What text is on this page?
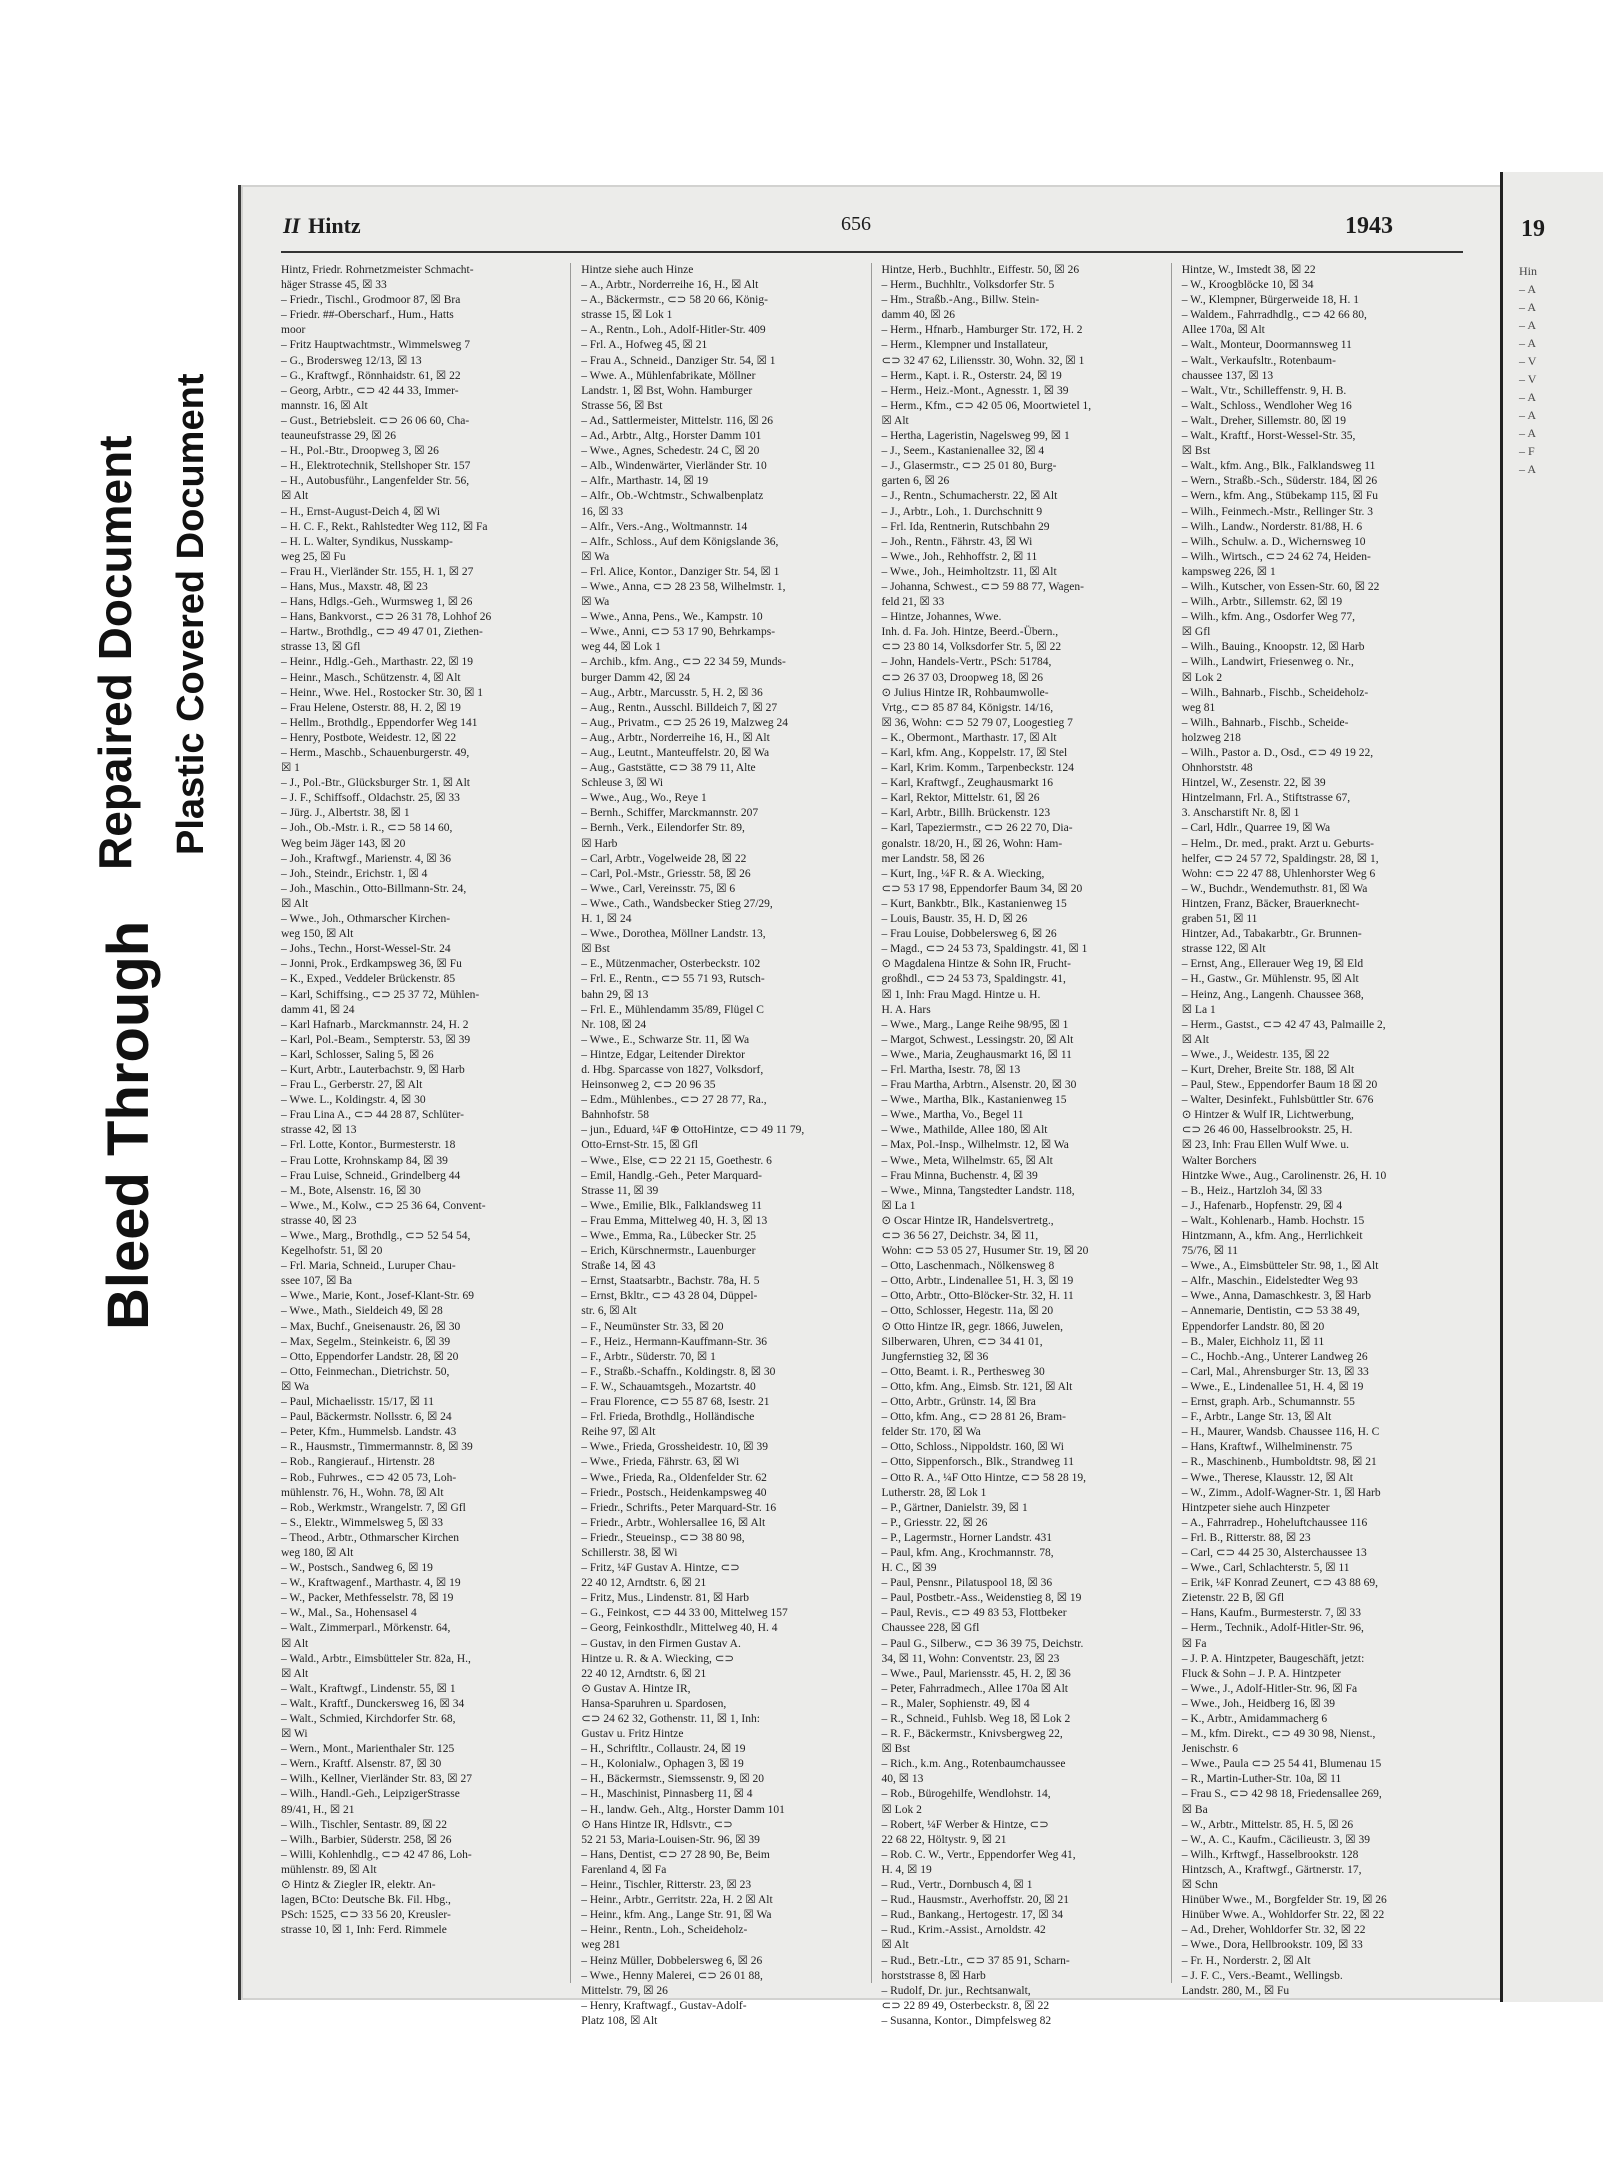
Bleed Through
Repaired Document Plastic Covered Document
II Hintz	656	1943

Hintz, Friedr. Rohrnetzmeister Schmacht-

häger Strasse 45, ☒ 33

– Friedr., Tischl., Grodmoor 87, ☒ Bra

– Friedr. ##-Oberscharf., Hum., Hatts

moor

– Fritz Hauptwachtmstr., Wimmelsweg 7

– G., Brodersweg 12/13, ☒ 13

– G., Kraftwgf., Rönnhaidstr. 61, ☒ 22

– Georg, Arbtr., ⊂⊃ 42 44 33, Immer-

mannstr. 16, ☒ Alt

– Gust., Betriebsleit. ⊂⊃ 26 06 60, Cha-

teauneufstrasse 29, ☒ 26

– H., Pol.-Btr., Droopweg 3, ☒ 26

– H., Elektrotechnik, Stellshoper Str. 157

– H., Autobusführ., Langenfelder Str. 56,

☒ Alt

– H., Ernst-August-Deich 4, ☒ Wi

– H. C. F., Rekt., Rahlstedter Weg 112, ☒ Fa

– H. L. Walter, Syndikus, Nusskamp-

weg 25, ☒ Fu

– Frau H., Vierländer Str. 155, H. 1, ☒ 27

– Hans, Mus., Maxstr. 48, ☒ 23

– Hans, Hdlgs.-Geh., Wurmsweg 1, ☒ 26

– Hans, Bankvorst., ⊂⊃ 26 31 78, Lohhof 26

– Hartw., Brothdlg., ⊂⊃ 49 47 01, Ziethen-

strasse 13, ☒ Gfl

– Heinr., Hdlg.-Geh., Marthastr. 22, ☒ 19

– Heinr., Masch., Schützenstr. 4, ☒ Alt

– Heinr., Wwe. Hel., Rostocker Str. 30, ☒ 1

– Frau Helene, Osterstr. 88, H. 2, ☒ 19

– Hellm., Brothdlg., Eppendorfer Weg 141

– Henry, Postbote, Weidestr. 12, ☒ 22

– Herm., Maschb., Schauenburgerstr. 49,

☒ 1

– J., Pol.-Btr., Glücksburger Str. 1, ☒ Alt

– J. F., Schiffsoff., Oldachstr. 25, ☒ 33

– Jürg. J., Albertstr. 38, ☒ 1

– Joh., Ob.-Mstr. i. R., ⊂⊃ 58 14 60,

Weg beim Jäger 143, ☒ 20

– Joh., Kraftwgf., Marienstr. 4, ☒ 36

– Joh., Steindr., Erichstr. 1, ☒ 4

– Joh., Maschin., Otto-Billmann-Str. 24,

☒ Alt

– Wwe., Joh., Othmarscher Kirchen-

weg 150, ☒ Alt

– Johs., Techn., Horst-Wessel-Str. 24

– Jonni, Prok., Erdkampsweg 36, ☒ Fu

– K., Exped., Veddeler Brückenstr. 85

– Karl, Schiffsing., ⊂⊃ 25 37 72, Mühlen-

damm 41, ☒ 24

– Karl Hafnarb., Marckmannstr. 24, H. 2

– Karl, Pol.-Beam., Sempterstr. 53, ☒ 39

– Karl, Schlosser, Saling 5, ☒ 26

– Kurt, Arbtr., Lauterbachstr. 9, ☒ Harb

– Frau L., Gerberstr. 27, ☒ Alt

– Wwe. L., Koldingstr. 4, ☒ 30

– Frau Lina A., ⊂⊃ 44 28 87, Schlüter-

strasse 42, ☒ 13

– Frl. Lotte, Kontor., Burmesterstr. 18

– Frau Lotte, Krohnskamp 84, ☒ 39

– Frau Luise, Schneid., Grindelberg 44

– M., Bote, Alsenstr. 16, ☒ 30

– Wwe., M., Kolw., ⊂⊃ 25 36 64, Convent-

strasse 40, ☒ 23

– Wwe., Marg., Brothdlg., ⊂⊃ 52 54 54,

Kegelhofstr. 51, ☒ 20

– Frl. Maria, Schneid., Luruper Chau-

ssee 107, ☒ Ba

– Wwe., Marie, Kont., Josef-Klant-Str. 69

– Wwe., Math., Sieldeich 49, ☒ 28

– Max, Buchf., Gneisenaustr. 26, ☒ 30

– Max, Segelm., Steinkeistr. 6, ☒ 39

– Otto, Eppendorfer Landstr. 28, ☒ 20

– Otto, Feinmechan., Dietrichstr. 50,

☒ Wa

– Paul, Michaelisstr. 15/17, ☒ 11

– Paul, Bäckermstr. Nollsstr. 6, ☒ 24

– Peter, Kfm., Hummelsb. Landstr. 43

– R., Hausmstr., Timmermannstr. 8, ☒ 39

– Rob., Rangierauf., Hirtenstr. 28

– Rob., Fuhrwes., ⊂⊃ 42 05 73, Loh-

mühlenstr. 76, H., Wohn. 78, ☒ Alt

– Rob., Werkmstr., Wrangelstr. 7, ☒ Gfl

– S., Elektr., Wimmelsweg 5, ☒ 33

– Theod., Arbtr., Othmarscher Kirchen

weg 180, ☒ Alt

– W., Postsch., Sandweg 6, ☒ 19

– W., Kraftwagenf., Marthastr. 4, ☒ 19

– W., Packer, Methfesselstr. 78, ☒ 19

– W., Mal., Sa., Hohensasel 4

– Walt., Zimmerparl., Mörkenstr. 64,

☒ Alt

– Wald., Arbtr., Eimsbütteler Str. 82a, H.,

☒ Alt

– Walt., Kraftwgf., Lindenstr. 55, ☒ 1

– Walt., Kraftf., Dunckersweg 16, ☒ 34

– Walt., Schmied, Kirchdorfer Str. 68,

☒ Wi

– Wern., Mont., Marienthaler Str. 125

– Wern., Kraftf. Alsenstr. 87, ☒ 30

– Wilh., Kellner, Vierländer Str. 83, ☒ 27

– Wilh., Handl.-Geh., LeipzigerStrasse

89/41, H., ☒ 21

– Wilh., Tischler, Sentastr. 89, ☒ 22

– Wilh., Barbier, Süderstr. 258, ☒ 26

– Willi, Kohlenhdlg., ⊂⊃ 42 47 86, Loh-

mühlenstr. 89, ☒ Alt

⊙ Hintz & Ziegler IR, elektr. An-

lagen, BCto: Deutsche Bk. Fil. Hbg.,

PSch: 1525, ⊂⊃ 33 56 20, Kreusler-

strasse 10, ☒ 1, Inh: Ferd. Rimmele

Hintze siehe auch Hinze

– A., Arbtr., Norderreihe 16, H., ☒ Alt

– A., Bäckermstr., ⊂⊃ 58 20 66, König-

strasse 15, ☒ Lok 1

– A., Rentn., Loh., Adolf-Hitler-Str. 409

– Frl. A., Hofweg 45, ☒ 21

– Frau A., Schneid., Danziger Str. 54, ☒ 1

– Wwe. A., Mühlenfabrikate, Möllner

Landstr. 1, ☒ Bst, Wohn. Hamburger

Strasse 56, ☒ Bst

– Ad., Sattlermeister, Mittelstr. 116, ☒ 26

– Ad., Arbtr., Altg., Horster Damm 101

– Wwe., Agnes, Schedestr. 24 C, ☒ 20

– Alb., Windenwärter, Vierländer Str. 10

– Alfr., Marthastr. 14, ☒ 19

– Alfr., Ob.-Wchtmstr., Schwalbenplatz

16, ☒ 33

– Alfr., Vers.-Ang., Woltmannstr. 14

– Alfr., Schloss., Auf dem Königslande 36,

☒ Wa

– Frl. Alice, Kontor., Danziger Str. 54, ☒ 1

– Wwe., Anna, ⊂⊃ 28 23 58, Wilhelmstr. 1,

☒ Wa

– Wwe., Anna, Pens., We., Kampstr. 10

– Wwe., Anni, ⊂⊃ 53 17 90, Behrkamps-

weg 44, ☒ Lok 1

– Archib., kfm. Ang., ⊂⊃ 22 34 59, Munds-

burger Damm 42, ☒ 24

– Aug., Arbtr., Marcusstr. 5, H. 2, ☒ 36

– Aug., Rentn., Ausschl. Billdeich 7, ☒ 27

– Aug., Privatm., ⊂⊃ 25 26 19, Malzweg 24

– Aug., Arbtr., Norderreihe 16, H., ☒ Alt

– Aug., Leutnt., Manteuffelstr. 20, ☒ Wa

– Aug., Gaststätte, ⊂⊃ 38 79 11, Alte

Schleuse 3, ☒ Wi

– Wwe., Aug., Wo., Reye 1

– Bernh., Schiffer, Marckmannstr. 207

– Bernh., Verk., Eilendorfer Str. 89,

☒ Harb

– Carl, Arbtr., Vogelweide 28, ☒ 22

– Carl, Pol.-Mstr., Griesstr. 58, ☒ 26

– Wwe., Carl, Vereinsstr. 75, ☒ 6

– Wwe., Cath., Wandsbecker Stieg 27/29,

H. 1, ☒ 24

– Wwe., Dorothea, Möllner Landstr. 13,

☒ Bst

– E., Mützenmacher, Osterbeckstr. 102

– Frl. E., Rentn., ⊂⊃ 55 71 93, Rutsch-

bahn 29, ☒ 13

– Frl. E., Mühlendamm 35/89, Flügel C

Nr. 108, ☒ 24

– Wwe., E., Schwarze Str. 11, ☒ Wa

– Hintze, Edgar, Leitender Direktor

d. Hbg. Sparcasse von 1827, Volksdorf,

Heinsonweg 2, ⊂⊃ 20 96 35

– Edm., Mühlenbes., ⊂⊃ 27 28 77, Ra.,

Bahnhofstr. 58

– jun., Eduard, ¼F ⊕ OttoHintze, ⊂⊃ 49 11 79,

Otto-Ernst-Str. 15, ☒ Gfl

– Wwe., Else, ⊂⊃ 22 21 15, Goethestr. 6

– Emil, Handlg.-Geh., Peter Marquard-

Strasse 11, ☒ 39

– Wwe., Emilie, Blk., Falklandsweg 11

– Frau Emma, Mittelweg 40, H. 3, ☒ 13

– Wwe., Emma, Ra., Lübecker Str. 25

– Erich, Kürschnermstr., Lauenburger

Straße 14, ☒ 43

– Ernst, Staatsarbtr., Bachstr. 78a, H. 5

– Ernst, Bkltr., ⊂⊃ 43 28 04, Düppel-

str. 6, ☒ Alt

– F., Neumünster Str. 33, ☒ 20

– F., Heiz., Hermann-Kauffmann-Str. 36

– F., Arbtr., Süderstr. 70, ☒ 1

– F., Straßb.-Schaffn., Koldingstr. 8, ☒ 30

– F. W., Schauamtsgeh., Mozartstr. 40

– Frau Florence, ⊂⊃ 55 87 68, Isestr. 21

– Frl. Frieda, Brothdlg., Holländische

Reihe 97, ☒ Alt

– Wwe., Frieda, Grossheidestr. 10, ☒ 39

– Wwe., Frieda, Fährstr. 63, ☒ Wi

– Wwe., Frieda, Ra., Oldenfelder Str. 62

– Friedr., Postsch., Heidenkampsweg 40

– Friedr., Schrifts., Peter Marquard-Str. 16

– Friedr., Arbtr., Wohlersallee 16, ☒ Alt

– Friedr., Steueinsp., ⊂⊃ 38 80 98,

Schillerstr. 38, ☒ Wi

– Fritz, ¼F Gustav A. Hintze, ⊂⊃

22 40 12, Arndtstr. 6, ☒ 21

– Fritz, Mus., Lindenstr. 81, ☒ Harb

– G., Feinkost, ⊂⊃ 44 33 00, Mittelweg 157

– Georg, Feinkosthdlr., Mittelweg 40, H. 4

– Gustav, in den Firmen Gustav A.

Hintze u. R. & A. Wiecking, ⊂⊃

22 40 12, Arndtstr. 6, ☒ 21

⊙ Gustav A. Hintze IR,

Hansa-Sparuhren u. Spardosen,

⊂⊃ 24 62 32, Gothenstr. 11, ☒ 1, Inh:

Gustav u. Fritz Hintze

– H., Schriftltr., Collaustr. 24, ☒ 19

– H., Kolonialw., Ophagen 3, ☒ 19

– H., Bäckermstr., Siemssenstr. 9, ☒ 20

– H., Maschinist, Pinnasberg 11, ☒ 4

– H., landw. Geh., Altg., Horster Damm 101

⊙ Hans Hintze IR, Hdlsvtr., ⊂⊃

52 21 53, Maria-Louisen-Str. 96, ☒ 39

– Hans, Dentist, ⊂⊃ 27 28 90, Be, Beim

Farenland 4, ☒ Fa

– Heinr., Tischler, Ritterstr. 23, ☒ 23

– Heinr., Arbtr., Gerritstr. 22a, H. 2 ☒ Alt

– Heinr., kfm. Ang., Lange Str. 91, ☒ Wa

– Heinr., Rentn., Loh., Scheideholz-

weg 281

– Heinz Müller, Dobbelersweg 6, ☒ 26

– Wwe., Henny Malerei, ⊂⊃ 26 01 88,

Mittelstr. 79, ☒ 26

– Henry, Kraftwagf., Gustav-Adolf-

Platz 108, ☒ Alt

Hintze, Herb., Buchhltr., Eiffestr. 50, ☒ 26

– Herm., Buchhltr., Volksdorfer Str. 5

– Hm., Straßb.-Ang., Billw. Stein-

damm 40, ☒ 26

– Herm., Hfnarb., Hamburger Str. 172, H. 2

– Herm., Klempner und Installateur,

⊂⊃ 32 47 62, Liliensstr. 30, Wohn. 32, ☒ 1

– Herm., Kapt. i. R., Osterstr. 24, ☒ 19

– Herm., Heiz.-Mont., Agnesstr. 1, ☒ 39

– Herm., Kfm., ⊂⊃ 42 05 06, Moortwietel 1,

☒ Alt

– Hertha, Lageristin, Nagelsweg 99, ☒ 1

– J., Seem., Kastanienallee 32, ☒ 4

– J., Glasermstr., ⊂⊃ 25 01 80, Burg-

garten 6, ☒ 26

– J., Rentn., Schumacherstr. 22, ☒ Alt

– J., Arbtr., Loh., 1. Durchschnitt 9

– Frl. Ida, Rentnerin, Rutschbahn 29

– Joh., Rentn., Fährstr. 43, ☒ Wi

– Wwe., Joh., Rehhoffstr. 2, ☒ 11

– Wwe., Joh., Heimholtzstr. 11, ☒ Alt

– Johanna, Schwest., ⊂⊃ 59 88 77, Wagen-

feld 21, ☒ 33

– Hintze, Johannes, Wwe.

Inh. d. Fa. Joh. Hintze, Beerd.-Übern.,

⊂⊃ 23 80 14, Volksdorfer Str. 5, ☒ 22

– John, Handels-Vertr., PSch: 51784,

⊂⊃ 26 37 03, Droopweg 18, ☒ 26

⊙ Julius Hintze IR, Rohbaumwolle-

Vrtg., ⊂⊃ 85 87 84, Königstr. 14/16,

☒ 36, Wohn: ⊂⊃ 52 79 07, Loogestieg 7

– K., Obermont., Marthastr. 17, ☒ Alt

– Karl, kfm. Ang., Koppelstr. 17, ☒ Stel

– Karl, Krim. Komm., Tarpenbeckstr. 124

– Karl, Kraftwgf., Zeughausmarkt 16

– Karl, Rektor, Mittelstr. 61, ☒ 26

– Karl, Arbtr., Billh. Brückenstr. 123

– Karl, Tapeziermstr., ⊂⊃ 26 22 70, Dia-

gonalstr. 18/20, H., ☒ 26, Wohn: Ham-

mer Landstr. 58, ☒ 26

– Kurt, Ing., ¼F R. & A. Wiecking,

⊂⊃ 53 17 98, Eppendorfer Baum 34, ☒ 20

– Kurt, Bankbtr., Blk., Kastanienweg 15

– Louis, Baustr. 35, H. D, ☒ 26

– Frau Louise, Dobbelersweg 6, ☒ 26

– Magd., ⊂⊃ 24 53 73, Spaldingstr. 41, ☒ 1

⊙ Magdalena Hintze & Sohn IR, Frucht-

großhdl., ⊂⊃ 24 53 73, Spaldingstr. 41,

☒ 1, Inh: Frau Magd. Hintze u. H.

H. A. Hars

– Wwe., Marg., Lange Reihe 98/95, ☒ 1

– Margot, Schwest., Lessingstr. 20, ☒ Alt

– Wwe., Maria, Zeughausmarkt 16, ☒ 11

– Frl. Martha, Isestr. 78, ☒ 13

– Frau Martha, Arbtrn., Alsenstr. 20, ☒ 30

– Wwe., Martha, Blk., Kastanienweg 15

– Wwe., Martha, Vo., Begel 11

– Wwe., Mathilde, Allee 180, ☒ Alt

– Max, Pol.-Insp., Wilhelmstr. 12, ☒ Wa

– Wwe., Meta, Wilhelmstr. 65, ☒ Alt

– Frau Minna, Buchenstr. 4, ☒ 39

– Wwe., Minna, Tangstedter Landstr. 118,

☒ La 1

⊙ Oscar Hintze IR, Handelsvertretg.,

⊂⊃ 36 56 27, Deichstr. 34, ☒ 11,

Wohn: ⊂⊃ 53 05 27, Husumer Str. 19, ☒ 20

– Otto, Laschenmach., Nölkensweg 8

– Otto, Arbtr., Lindenallee 51, H. 3, ☒ 19

– Otto, Arbtr., Otto-Blöcker-Str. 32, H. 11

– Otto, Schlosser, Hegestr. 11a, ☒ 20

⊙ Otto Hintze IR, gegr. 1866, Juwelen,

Silberwaren, Uhren, ⊂⊃ 34 41 01,

Jungfernstieg 32, ☒ 36

– Otto, Beamt. i. R., Perthesweg 30

– Otto, kfm. Ang., Eimsb. Str. 121, ☒ Alt

– Otto, Arbtr., Grünstr. 14, ☒ Bra

– Otto, kfm. Ang., ⊂⊃ 28 81 26, Bram-

felder Str. 170, ☒ Wa

– Otto, Schloss., Nippoldstr. 160, ☒ Wi

– Otto, Sippenforsch., Blk., Strandweg 11

– Otto R. A., ¼F Otto Hintze, ⊂⊃ 58 28 19,

Lutherstr. 28, ☒ Lok 1

– P., Gärtner, Danielstr. 39, ☒ 1

– P., Griesstr. 22, ☒ 26

– P., Lagermstr., Horner Landstr. 431

– Paul, kfm. Ang., Krochmannstr. 78,

H. C., ☒ 39

– Paul, Pensnr., Pilatuspool 18, ☒ 36

– Paul, Postbetr.-Ass., Weidenstieg 8, ☒ 19

– Paul, Revis., ⊂⊃ 49 83 53, Flottbeker

Chaussee 228, ☒ Gfl

– Paul G., Silberw., ⊂⊃ 36 39 75, Deichstr.

34, ☒ 11, Wohn: Conventstr. 23, ☒ 23

– Wwe., Paul, Mariensstr. 45, H. 2, ☒ 36

– Peter, Fahrradmech., Allee 170a ☒ Alt

– R., Maler, Sophienstr. 49, ☒ 4

– R., Schneid., Fuhlsb. Weg 18, ☒ Lok 2

– R. F., Bäckermstr., Knivsbergweg 22,

☒ Bst

– Rich., k.m. Ang., Rotenbaumchaussee

40, ☒ 13

– Rob., Bürogehilfe, Wendlohstr. 14,

☒ Lok 2

– Robert, ¼F Werber & Hintze, ⊂⊃

22 68 22, Höltystr. 9, ☒ 21

– Rob. C. W., Vertr., Eppendorfer Weg 41,

H. 4, ☒ 19

– Rud., Vertr., Dornbusch 4, ☒ 1

– Rud., Hausmstr., Averhoffstr. 20, ☒ 21

– Rud., Bankang., Hertogestr. 17, ☒ 34

– Rud., Krim.-Assist., Arnoldstr. 42

☒ Alt

– Rud., Betr.-Ltr., ⊂⊃ 37 85 91, Scharn-

horststrasse 8, ☒ Harb

– Rudolf, Dr. jur., Rechtsanwalt,

⊂⊃ 22 89 49, Osterbeckstr. 8, ☒ 22

– Susanna, Kontor., Dimpfelsweg 82

Hintze, W., Imstedt 38, ☒ 22

– W., Kroogblöcke 10, ☒ 34

– W., Klempner, Bürgerweide 18, H. 1

– Waldem., Fahrradhdlg., ⊂⊃ 42 66 80,

Allee 170a, ☒ Alt

– Walt., Monteur, Doormannsweg 11

– Walt., Verkaufsltr., Rotenbaum-

chaussee 137, ☒ 13

– Walt., Vtr., Schilleffenstr. 9, H. B.

– Walt., Schloss., Wendloher Weg 16

– Walt., Dreher, Sillemstr. 80, ☒ 19

– Walt., Kraftf., Horst-Wessel-Str. 35,

☒ Bst

– Walt., kfm. Ang., Blk., Falklandsweg 11

– Wern., Straßb.-Sch., Süderstr. 184, ☒ 26

– Wern., kfm. Ang., Stübekamp 115, ☒ Fu

– Wilh., Feinmech.-Mstr., Rellinger Str. 3

– Wilh., Landw., Norderstr. 81/88, H. 6

– Wilh., Schulw. a. D., Wichernsweg 10

– Wilh., Wirtsch., ⊂⊃ 24 62 74, Heiden-

kampsweg 226, ☒ 1

– Wilh., Kutscher, von Essen-Str. 60, ☒ 22

– Wilh., Arbtr., Sillemstr. 62, ☒ 19

– Wilh., kfm. Ang., Osdorfer Weg 77,

☒ Gfl

– Wilh., Bauing., Knoopstr. 12, ☒ Harb

– Wilh., Landwirt, Friesenweg o. Nr.,

☒ Lok 2

– Wilh., Bahnarb., Fischb., Scheideholz-

weg 81

– Wilh., Bahnarb., Fischb., Scheide-

holzweg 218

– Wilh., Pastor a. D., Osd., ⊂⊃ 49 19 22,

Ohnhorststr. 48

Hintzel, W., Zesenstr. 22, ☒ 39

Hintzelmann, Frl. A., Stiftstrasse 67,

3. Anscharstift Nr. 8, ☒ 1

– Carl, Hdlr., Quarree 19, ☒ Wa

– Helm., Dr. med., prakt. Arzt u. Geburts-

helfer, ⊂⊃ 24 57 72, Spaldingstr. 28, ☒ 1,

Wohn: ⊂⊃ 22 47 88, Uhlenhorster Weg 6

– W., Buchdr., Wendemuthstr. 81, ☒ Wa

Hintzen, Franz, Bäcker, Brauerknecht-

graben 51, ☒ 11

Hintzer, Ad., Tabakarbtr., Gr. Brunnen-

strasse 122, ☒ Alt

– Ernst, Ang., Ellerauer Weg 19, ☒ Eld

– H., Gastw., Gr. Mühlenstr. 95, ☒ Alt

– Heinz, Ang., Langenh. Chaussee 368,

☒ La 1

– Herm., Gastst., ⊂⊃ 42 47 43, Palmaille 2,

☒ Alt

– Wwe., J., Weidestr. 135, ☒ 22

– Kurt, Dreher, Breite Str. 188, ☒ Alt

– Paul, Stew., Eppendorfer Baum 18 ☒ 20

– Walter, Desinfekt., Fuhlsbüttler Str. 676

⊙ Hintzer & Wulf IR, Lichtwerbung,

⊂⊃ 26 46 00, Hasselbrookstr. 25, H.

☒ 23, Inh: Frau Ellen Wulf Wwe. u.

Walter Borchers

Hintzke Wwe., Aug., Carolinenstr. 26, H. 10

– B., Heiz., Hartzloh 34, ☒ 33

– J., Hafenarb., Hopfenstr. 29, ☒ 4

– Walt., Kohlenarb., Hamb. Hochstr. 15

Hintzmann, A., kfm. Ang., Herrlichkeit

75/76, ☒ 11

– Wwe., A., Eimsbütteler Str. 98, 1., ☒ Alt

– Alfr., Maschin., Eidelstedter Weg 93

– Wwe., Anna, Damaschkestr. 3, ☒ Harb

– Annemarie, Dentistin, ⊂⊃ 53 38 49,

Eppendorfer Landstr. 80, ☒ 20

– B., Maler, Eichholz 11, ☒ 11

– C., Hochb.-Ang., Unterer Landweg 26

– Carl, Mal., Ahrensburger Str. 13, ☒ 33

– Wwe., E., Lindenallee 51, H. 4, ☒ 19

– Ernst, graph. Arb., Schumannstr. 55

– F., Arbtr., Lange Str. 13, ☒ Alt

– H., Maurer, Wandsb. Chaussee 116, H. C

– Hans, Kraftwf., Wilhelminenstr. 75

– R., Maschinenb., Humboldtstr. 98, ☒ 21

– Wwe., Therese, Klausstr. 12, ☒ Alt

– W., Zimm., Adolf-Wagner-Str. 1, ☒ Harb

Hintzpeter siehe auch Hinzpeter

– A., Fahrradrep., Hoheluftchaussee 116

– Frl. B., Ritterstr. 88, ☒ 23

– Carl, ⊂⊃ 44 25 30, Alsterchaussee 13

– Wwe., Carl, Schlachterstr. 5, ☒ 11

– Erik, ¼F Konrad Zeunert, ⊂⊃ 43 88 69,

Zietenstr. 22 B, ☒ Gfl

– Hans, Kaufm., Burmesterstr. 7, ☒ 33

– Herm., Technik., Adolf-Hitler-Str. 96,

☒ Fa

– J. P. A. Hintzpeter, Baugeschäft, jetzt:

Fluck & Sohn – J. P. A. Hintzpeter

– Wwe., J., Adolf-Hitler-Str. 96, ☒ Fa

– Wwe., Joh., Heidberg 16, ☒ 39

– K., Arbtr., Amidammacherg 6

– M., kfm. Direkt., ⊂⊃ 49 30 98, Nienst.,

Jenischstr. 6

– Wwe., Paula ⊂⊃ 25 54 41, Blumenau 15

– R., Martin-Luther-Str. 10a, ☒ 11

– Frau S., ⊂⊃ 42 98 18, Friedensallee 269,

☒ Ba

– W., Arbtr., Mittelstr. 85, H. 5, ☒ 26

– W., A. C., Kaufm., Cäcilieustr. 3, ☒ 39

– Wilh., Krftwgf., Hasselbrookstr. 128

Hintzsch, A., Kraftwgf., Gärtnerstr. 17,

☒ Schn

Hinüber Wwe., M., Borgfelder Str. 19, ☒ 26

Hinüber Wwe. A., Wohldorfer Str. 22, ☒ 22

– Ad., Dreher, Wohldorfer Str. 32, ☒ 22

– Wwe., Dora, Hellbrookstr. 109, ☒ 33

– Fr. H., Norderstr. 2, ☒ Alt

– J. F. C., Vers.-Beamt., Wellingsb.

Landstr. 280, M., ☒ Fu

19
Hin
– A
– A
– A
– A
– V
– V
– A
– A
– A
– F
– A
